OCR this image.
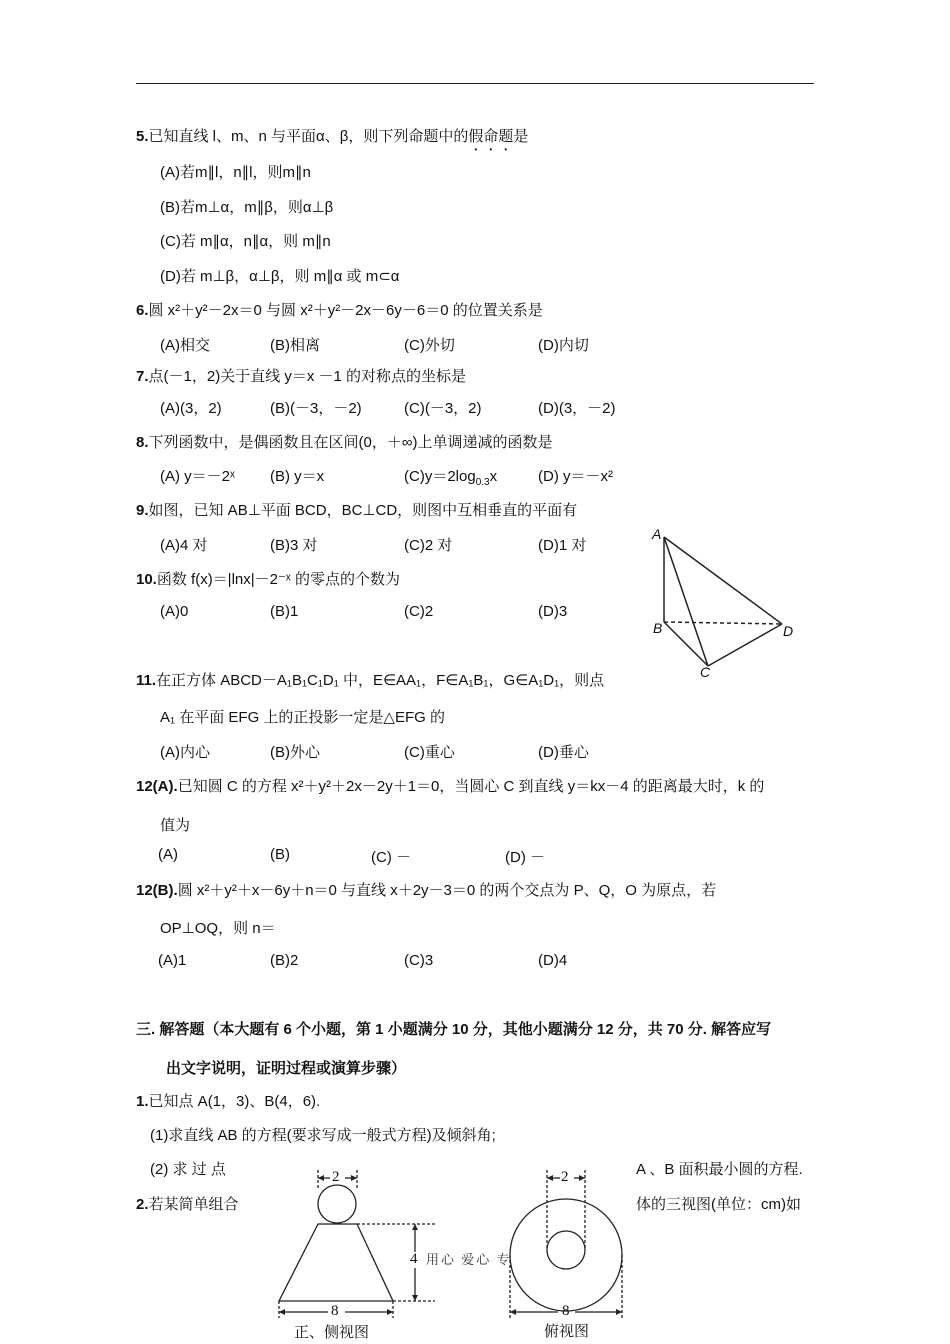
5.已知直线 l、m、n 与平面α、β，则下列命题中的假命题是
(A)若m∥l，n∥l，则m∥n
(B)若m⊥α，m∥β，则α⊥β
(C)若 m∥α，n∥α，则 m∥n
(D)若 m⊥β，α⊥β，则 m∥α 或 m⊂α
6.圆 x²＋y²－2x＝0 与圆 x²＋y²－2x－6y－6＝0 的位置关系是
(A)相交	(B)相离	(C)外切	(D)内切
7.点(－1，2)关于直线 y＝x －1 的对称点的坐标是
(A)(3，2)	(B)(－3，－2)	(C)(－3，2)	(D)(3，－2)
8.下列函数中，是偶函数且在区间(0，＋∞)上单调递减的函数是
(A) y＝－2ˣ (B) y＝x	$(C)y=2\log_{0.3}x$	(D) y＝－x²
9.如图，已知 AB⊥平面 BCD，BC⊥CD，则图中互相垂直的平面有
(A)4 对	(B)3 对	(C)2 对	(D)1 对
A
B
C
D
10.函数 f(x)＝|lnx|－2⁻ˣ 的零点的个数为
(A)0	(B)1	(C)2	(D)3
11.在正方体 ABCD－A₁B₁C₁D₁ 中，E∈AA₁，F∈A₁B₁，G∈A₁D₁，则点
A₁ 在平面 EFG 上的正投影一定是△EFG 的
(A)内心	(B)外心	(C)重心	(D)垂心
12(A).已知圆 C 的方程 x²＋y²＋2x－2y＋1＝0，当圆心 C 到直线 y＝kx－4 的距离最大时，k 的
值为
(A)	(B)	(C) －	(D) －
12(B).圆 x²＋y²＋x－6y＋n＝0 与直线 x＋2y－3＝0 的两个交点为 P、Q，O 为原点，若
OP⊥OQ，则 n＝
(A)1	(B)2	(C)3	(D)4
三. 解答题（本大题有 6 个小题，第 1 小题满分 10 分，其他小题满分 12 分，共 70 分. 解答应写
出文字说明，证明过程或演算步骤）
1.已知点 A(1，3)、B(4，6).
(1)求直线 AB 的方程(要求写成一般式方程)及倾斜角;
(2) 求 过 点	A 、B 面积最小圆的方程.
2.若某简单组合	体的三视图(单位：cm)如
2	2
4
8	8
用心 爱心 专
正、侧视图	俯视图
